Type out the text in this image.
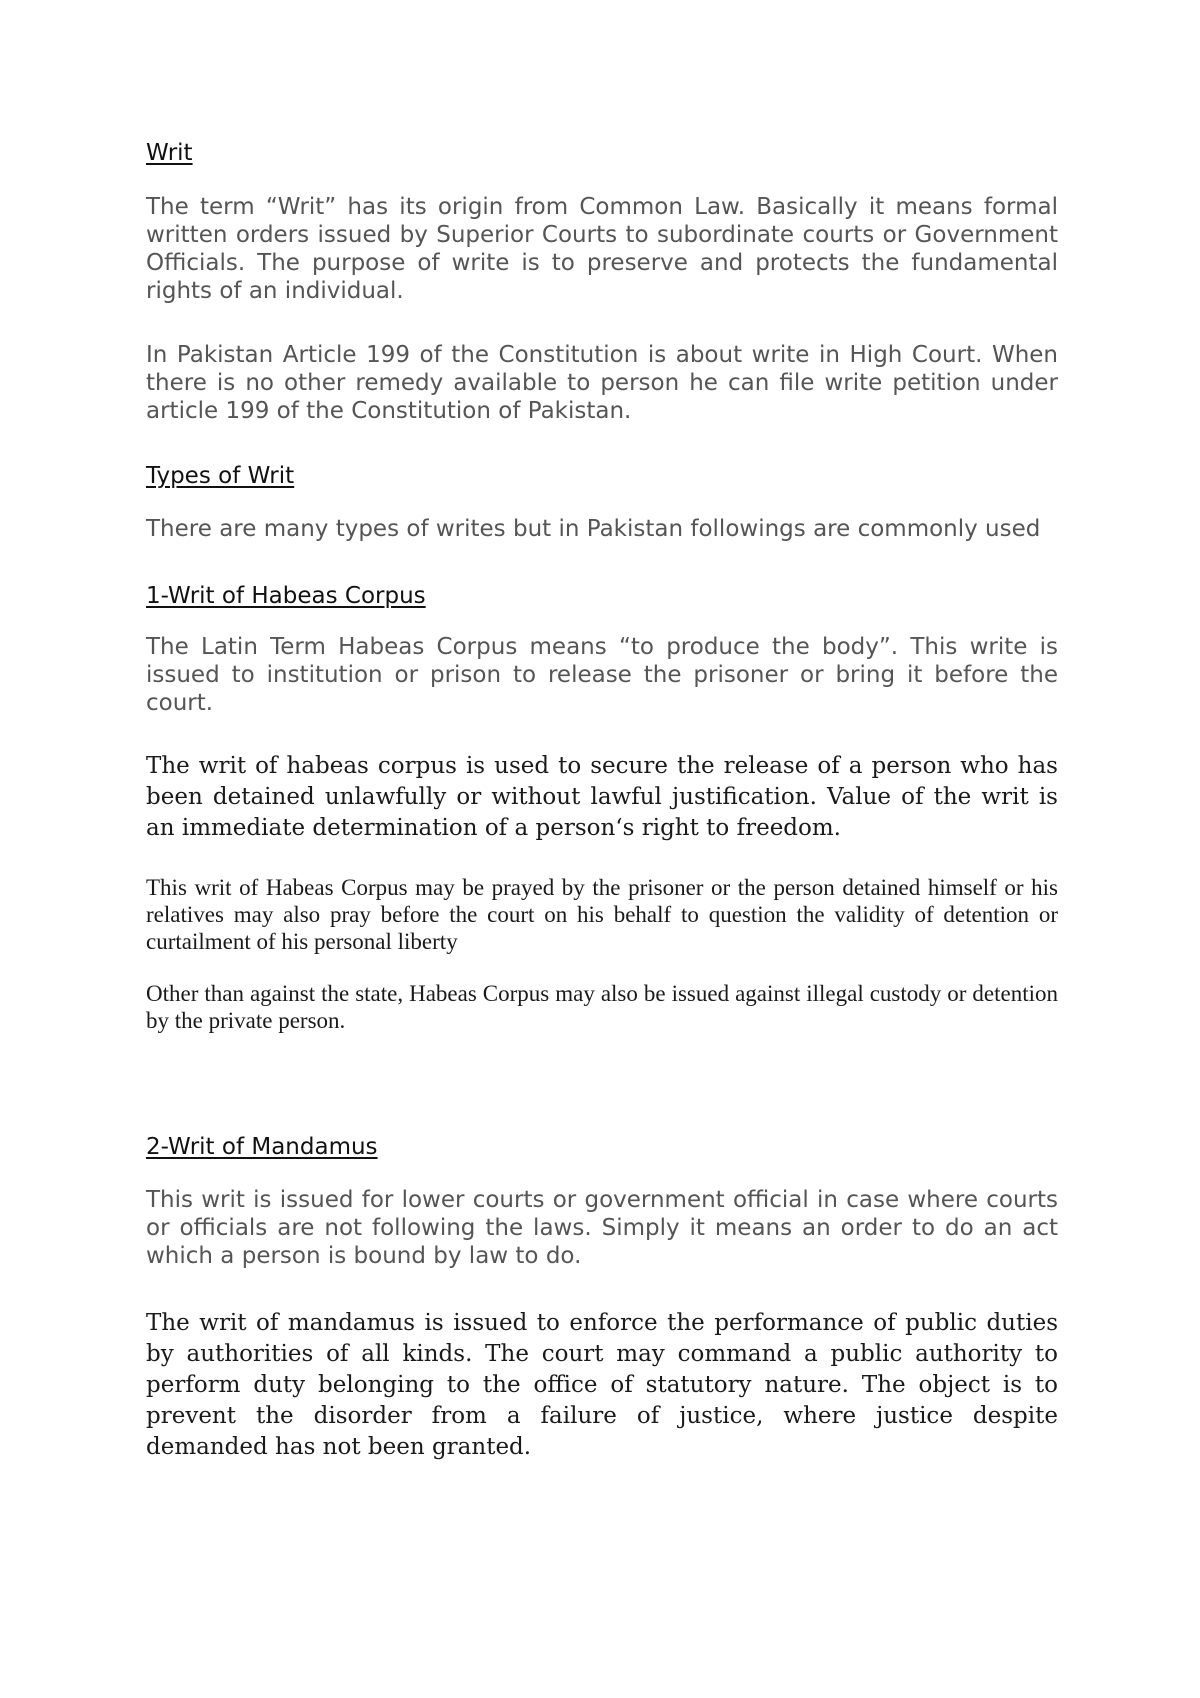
Writ

The term “Writ” has its origin from Common Law. Basically it means formal written orders issued by Superior Courts to subordinate courts or Government Officials. The purpose of write is to preserve and protects the fundamental rights of an individual.

In Pakistan Article 199 of the Constitution is about write in High Court. When there is no other remedy available to person he can file write petition under article 199 of the Constitution of Pakistan.

Types of Writ

There are many types of writes but in Pakistan followings are commonly used

1-Writ of Habeas Corpus

The Latin Term Habeas Corpus means “to produce the body”. This write is issued to institution or prison to release the prisoner or bring it before the court.

The writ of habeas corpus is used to secure the release of a person who has been detained unlawfully or without lawful justification. Value of the writ is an immediate determination of a person‘s right to freedom.

This writ of Habeas Corpus may be prayed by the prisoner or the person detained himself or his relatives may also pray before the court on his behalf to question the validity of detention or curtailment of his personal liberty

Other than against the state, Habeas Corpus may also be issued against illegal custody or detention by the private person.

2-Writ of Mandamus

This writ is issued for lower courts or government official in case where courts or officials are not following the laws. Simply it means an order to do an act which a person is bound by law to do.

The writ of mandamus is issued to enforce the performance of public duties by authorities of all kinds. The court may command a public authority to perform duty belonging to the office of statutory nature. The object is to prevent the disorder from a failure of justice, where justice despite demanded has not been granted.
